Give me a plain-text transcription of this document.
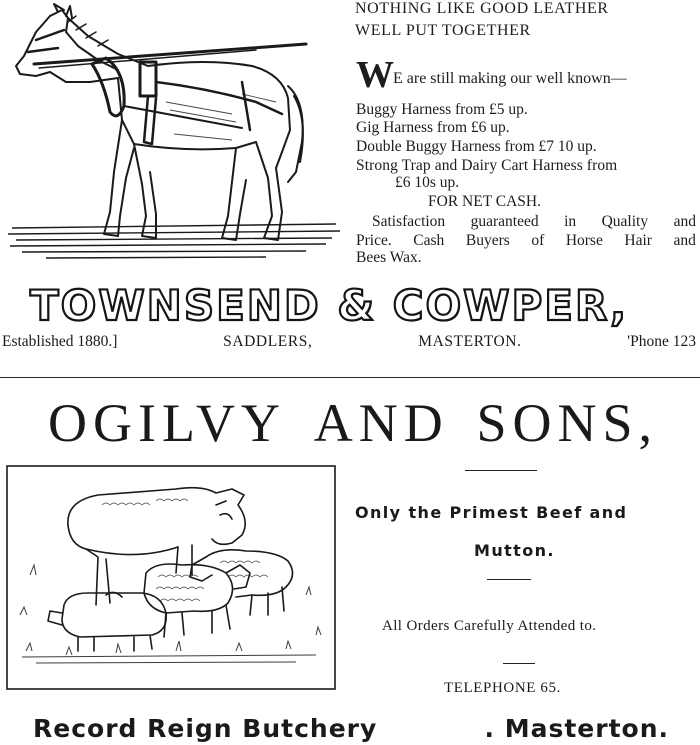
NOTHING LIKE GOOD LEATHER
WELL PUT TOGETHER
WE are still making our well known—
Buggy Harness from £5 up.
Gig Harness from £6 up.
Double Buggy Harness from £7 10 up.
Strong Trap and Dairy Cart Harness from
£6 10s up.
FOR NET CASH.
Satisfaction guaranteed in Quality and
Price. Cash Buyers of Horse Hair and
Bees Wax.
TOWNSEND & COWPER,
Established 1880.]	SADDLERS,	MASTERTON.	'Phone 123
OGILVY AND SONS,
Only the Primest Beef and
Mutton.
All Orders Carefully Attended to.
TELEPHONE 65.
Record Reign Butchery	. Masterton.
